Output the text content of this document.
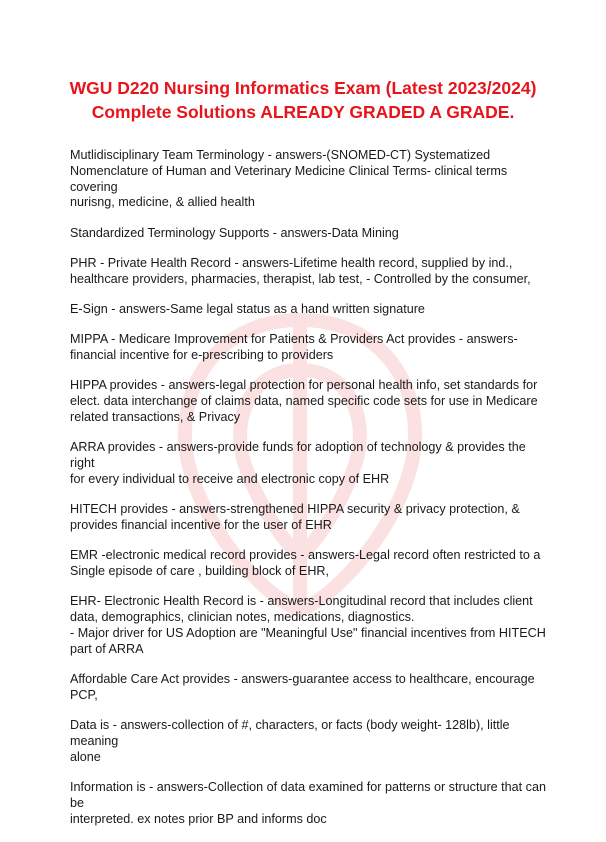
WGU D220 Nursing Informatics Exam (Latest 2023/2024)
Complete Solutions ALREADY GRADED A GRADE.
Mutlidisciplinary Team Terminology - answers-(SNOMED-CT) Systematized
Nomenclature of Human and Veterinary Medicine Clinical Terms- clinical terms covering
nurisng, medicine, & allied health
Standardized Terminology Supports - answers-Data Mining
PHR - Private Health Record - answers-Lifetime health record, supplied by ind.,
healthcare providers, pharmacies, therapist, lab test, - Controlled by the consumer,
E-Sign - answers-Same legal status as a hand written signature
MIPPA - Medicare Improvement for Patients & Providers Act provides - answers-
financial incentive for e-prescribing to providers
HIPPA provides - answers-legal protection for personal health info, set standards for
elect. data interchange of claims data, named specific code sets for use in Medicare
related transactions, & Privacy
ARRA provides - answers-provide funds for adoption of technology & provides the right
for every individual to receive and electronic copy of EHR
HITECH provides - answers-strengthened HIPPA security & privacy protection, &
provides financial incentive for the user of EHR
EMR -electronic medical record provides - answers-Legal record often restricted to a
Single episode of care , building block of EHR,
EHR- Electronic Health Record is - answers-Longitudinal record that includes client
data, demographics, clinician notes, medications, diagnostics.
- Major driver for US Adoption are "Meaningful Use" financial incentives from HITECH
part of ARRA
Affordable Care Act provides - answers-guarantee access to healthcare, encourage
PCP,
Data is - answers-collection of #, characters, or facts (body weight- 128lb), little meaning
alone
Information is - answers-Collection of data examined for patterns or structure that can be
interpreted. ex notes prior BP and informs doc
